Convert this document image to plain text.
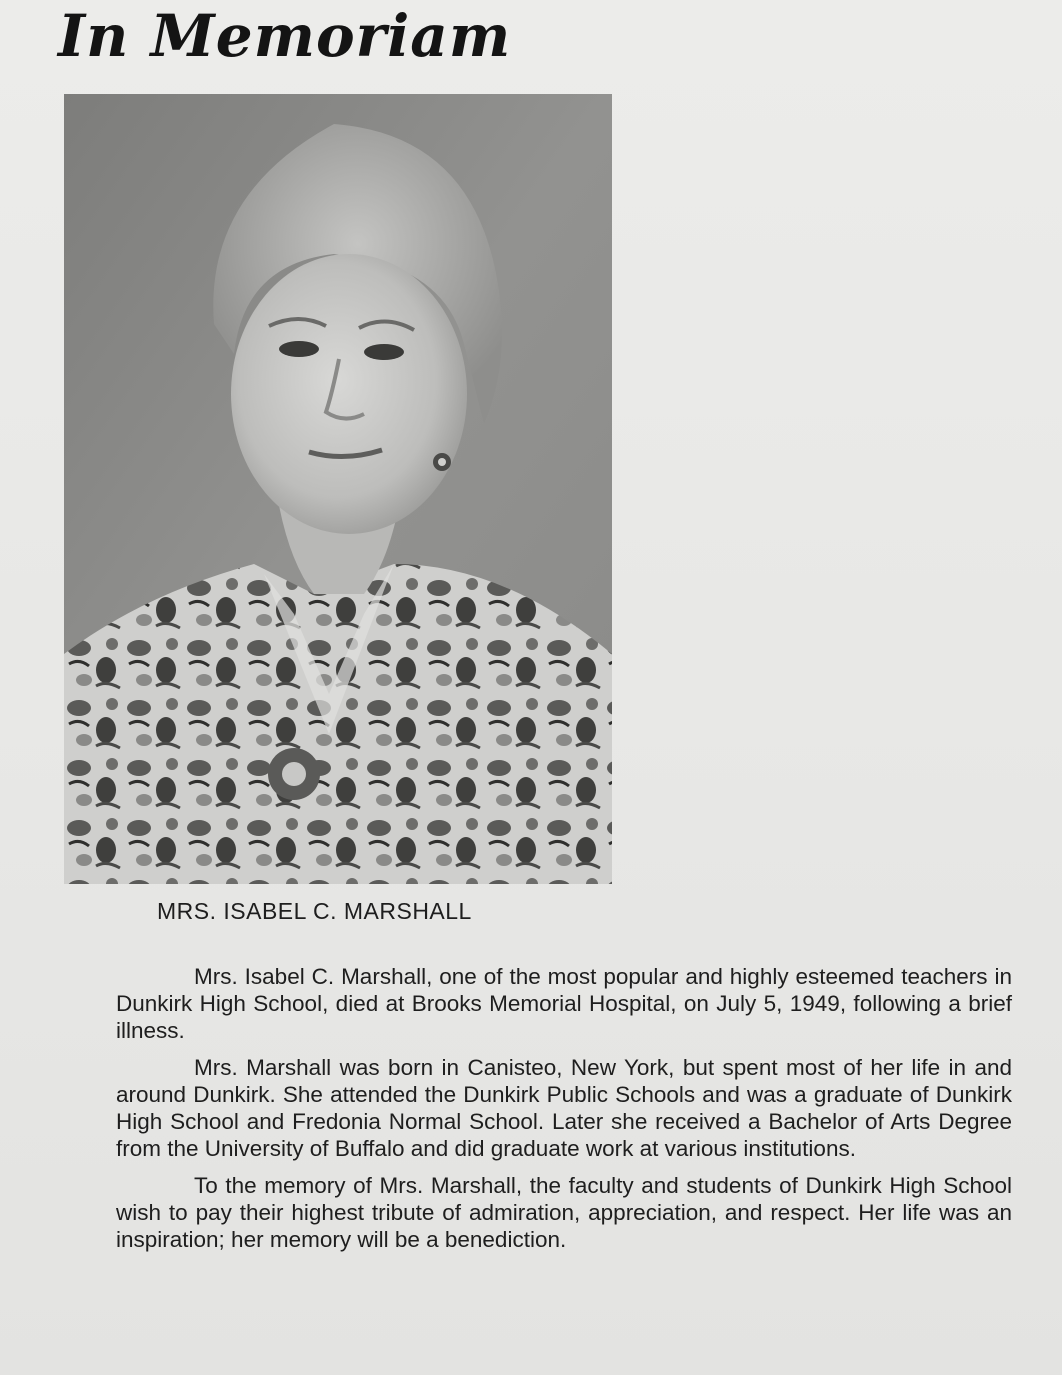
In Memoriam

MRS. ISABEL C. MARSHALL

Mrs. Isabel C. Marshall, one of the most popular and highly esteemed teachers in Dunkirk High School, died at Brooks Memorial Hospital, on July 5, 1949, following a brief illness.

Mrs. Marshall was born in Canisteo, New York, but spent most of her life in and around Dunkirk. She attended the Dunkirk Public Schools and was a graduate of Dunkirk High School and Fredonia Normal School. Later she received a Bachelor of Arts Degree from the University of Buffalo and did graduate work at various institutions.

To the memory of Mrs. Marshall, the faculty and students of Dunkirk High School wish to pay their highest tribute of admiration, appreciation, and respect. Her life was an inspiration; her memory will be a benediction.
